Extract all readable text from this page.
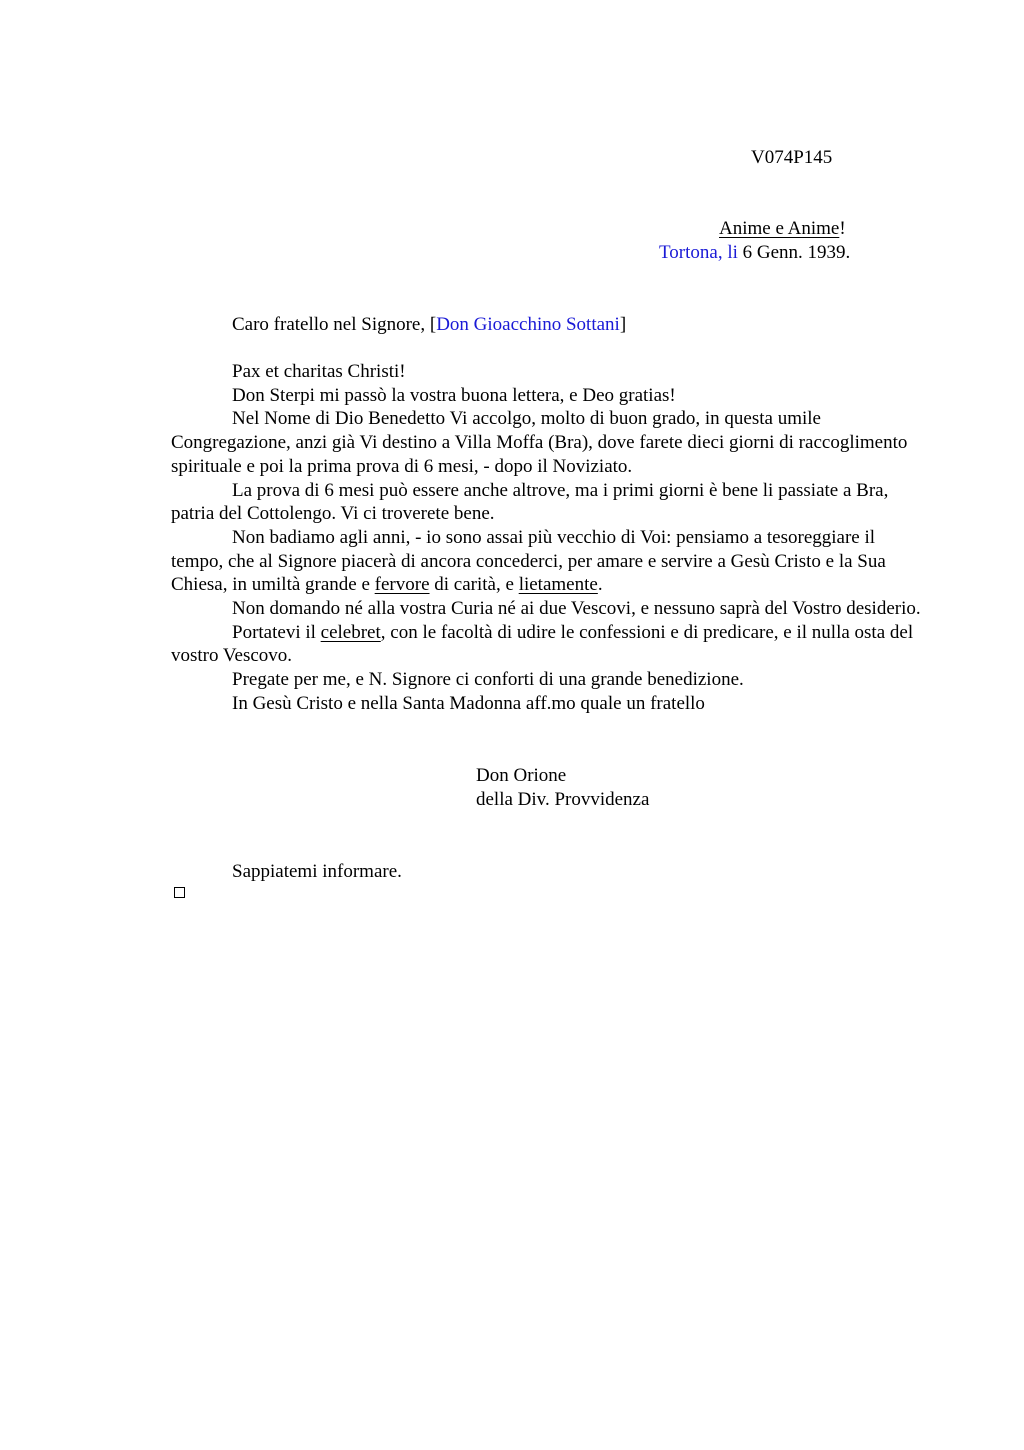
V074P145
Anime e Anime!
Tortona, li 6 Genn. 1939.
Caro fratello nel Signore, [Don Gioacchino Sottani]

Pax et charitas Christi!

Don Sterpi mi passò la vostra buona lettera, e Deo gratias!

Nel Nome di Dio Benedetto Vi accolgo, molto di buon grado, in questa umile Congregazione, anzi già Vi destino a Villa Moffa (Bra), dove farete dieci giorni di raccoglimento spirituale e poi la prima prova di 6 mesi, - dopo il Noviziato.

La prova di 6 mesi può essere anche altrove, ma i primi giorni è bene li passiate a Bra, patria del Cottolengo. Vi ci troverete bene.

Non badiamo agli anni, - io sono assai più vecchio di Voi: pensiamo a tesoreggiare il tempo, che al Signore piacerà di ancora concederci, per amare e servire a Gesù Cristo e la Sua Chiesa, in umiltà grande e fervore di carità, e lietamente.

Non domando né alla vostra Curia né ai due Vescovi, e nessuno saprà del Vostro desiderio.

Portatevi il celebret, con le facoltà di udire le confessioni e di predicare, e il nulla osta del vostro Vescovo.

Pregate per me, e N. Signore ci conforti di una grande benedizione.

In Gesù Cristo e nella Santa Madonna aff.mo quale un fratello

Don Orione
della Div. Provvidenza
Sappiatemi informare.
